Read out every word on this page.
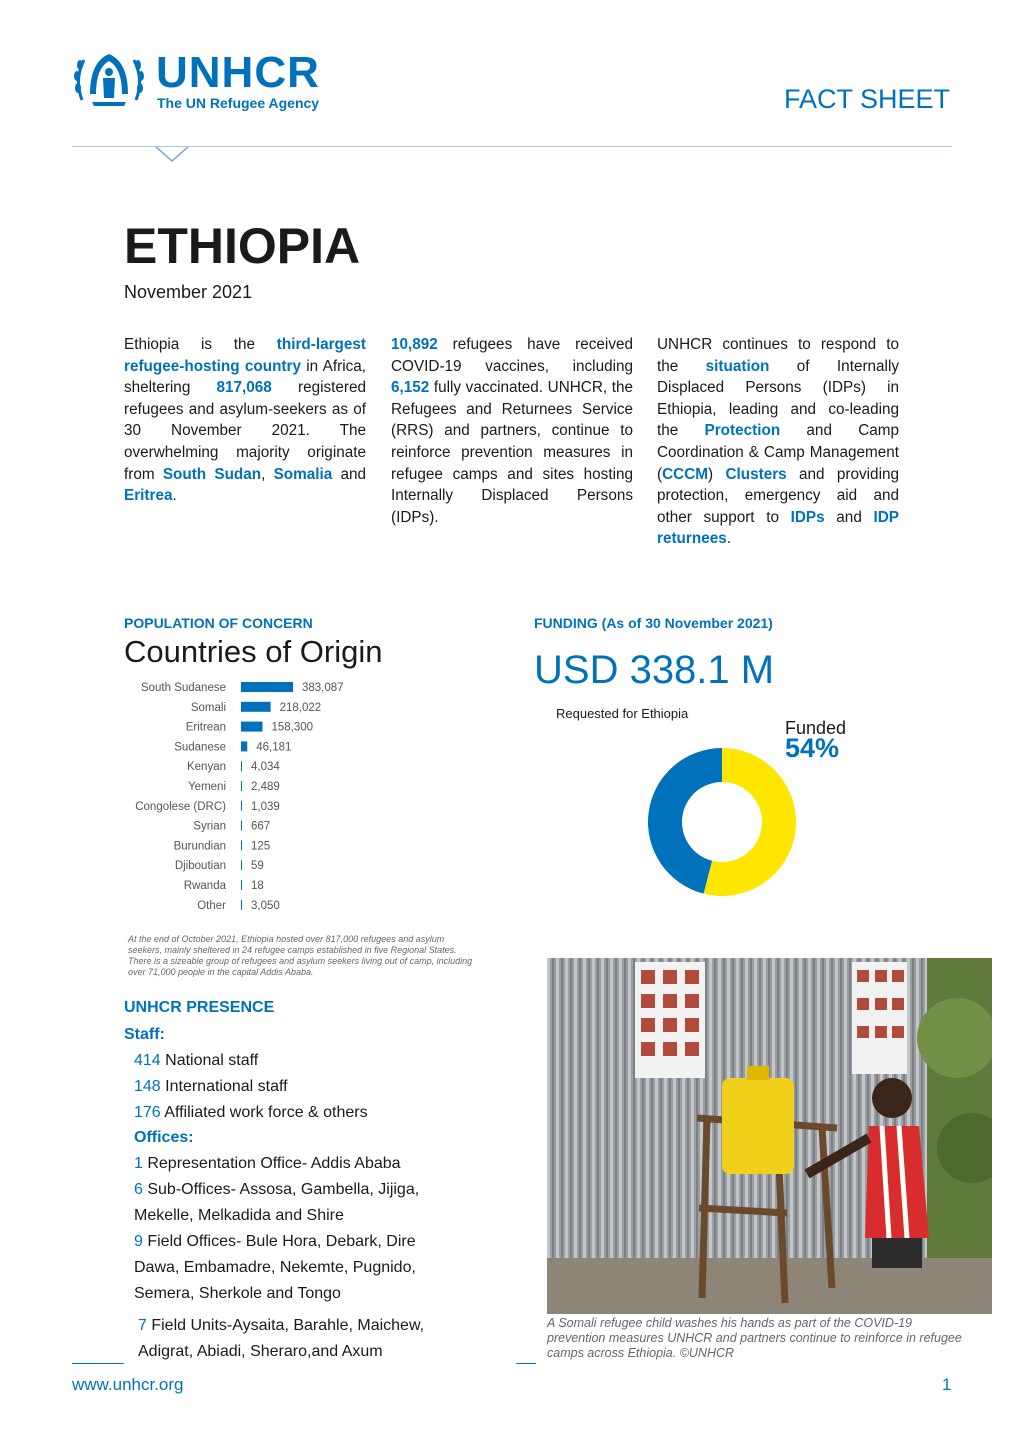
UNHCR
The UN Refugee Agency	FACT SHEET
ETHIOPIA
November 2021
Ethiopia is the third-largest refugee-hosting country in Africa, sheltering 817,068 registered refugees and asylum-seekers as of 30 November 2021. The overwhelming majority originate from South Sudan, Somalia and Eritrea.
10,892 refugees have received COVID-19 vaccines, including 6,152 fully vaccinated. UNHCR, the Refugees and Returnees Service (RRS) and partners, continue to reinforce prevention measures in refugee camps and sites hosting Internally Displaced Persons (IDPs).
UNHCR continues to respond to the situation of Internally Displaced Persons (IDPs) in Ethiopia, leading and co-leading the Protection and Camp Coordination & Camp Management (CCCM) Clusters and providing protection, emergency aid and other support to IDPs and IDP returnees.
POPULATION OF CONCERN
Countries of Origin
South Sudanese	383,087
Somali	218,022
Eritrean	158,300
Sudanese	46,181
Kenyan 4,034
Yemeni 2,489
Congolese (DRC) 1,039
Syrian 667
Burundian 125
Djiboutian 59
Rwanda 18
Other 3,050
At the end of October 2021, Ethiopia hosted over 817,000 refugees and asylum seekers, mainly sheltered in 24 refugee camps established in five Regional States. There is a sizeable group of refugees and asylum seekers living out of camp, including over 71,000 people in the capital Addis Ababa.
FUNDING (As of 30 November 2021)
USD 338.1 M
Requested for Ethiopia
Funded
54%
UNHCR PRESENCE
Staff:
414 National staff
148 International staff
176 Affiliated work force & others
Offices:
1 Representation Office- Addis Ababa
6 Sub-Offices- Assosa, Gambella, Jijiga,
Mekelle, Melkadida and Shire
9 Field Offices- Bule Hora, Debark, Dire
Dawa, Embamadre, Nekemte, Pugnido,
Semera, Sherkole and Tongo
7 Field Units-Aysaita, Barahle, Maichew,
Adigrat, Abiadi, Sheraro,and Axum
A Somali refugee child washes his hands as part of the COVID-19 prevention measures UNHCR and partners continue to reinforce in refugee camps across Ethiopia. ©UNHCR
www.unhcr.org	1
